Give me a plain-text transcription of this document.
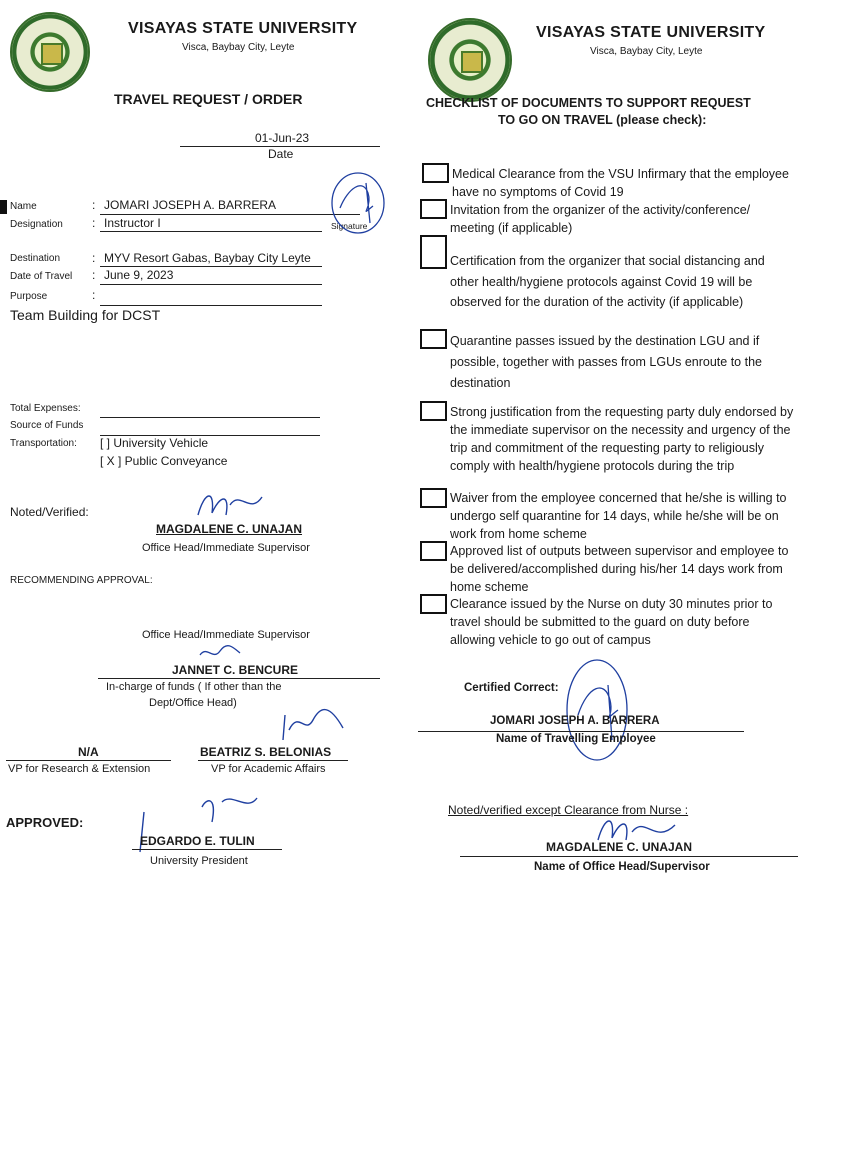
VISAYAS STATE UNIVERSITY
Visca, Baybay City, Leyte
TRAVEL REQUEST / ORDER
01-Jun-23
Date
Name	: JOMARI JOSEPH A. BARRERA
Designation : Instructor I	Signature
Destination	: MYV Resort Gabas, Baybay City Leyte
Date of Travel : June 9, 2023
Purpose	:
Team Building for DCST
Total Expenses:
Source of Funds
Transportation: [ ] University Vehicle
[ X ] Public Conveyance
Noted/Verified:
MAGDALENE C. UNAJAN
Office Head/Immediate Supervisor
RECOMMENDING APPROVAL:
Office Head/Immediate Supervisor
JANNET C. BENCURE
In-charge of funds ( If other than the
Dept/Office Head)
N/A
VP for Research & Extension
BEATRIZ S. BELONIAS
VP for Academic Affairs
APPROVED:
EDGARDO E. TULIN
University President
VISAYAS STATE UNIVERSITY
Visca, Baybay City, Leyte
CHECKLIST OF DOCUMENTS TO SUPPORT REQUEST
TO GO ON TRAVEL (please check):
Medical Clearance from the VSU Infirmary that the employee have no symptoms of Covid 19
Invitation from the organizer of the activity/conference/ meeting (if applicable)
Certification from the organizer that social distancing and other health/hygiene protocols against Covid 19 will be observed for the duration of the activity (if applicable)
Quarantine passes issued by the destination LGU and if possible, together with passes from LGUs enroute to the destination
Strong justification from the requesting party duly endorsed by the immediate supervisor on the necessity and urgency of the trip and commitment of the requesting party to religiously comply with health/hygiene protocols during the trip
Waiver from the employee concerned that he/she is willing to undergo self quarantine for 14 days, while he/she will be on work from home scheme
Approved list of outputs between supervisor and employee to be delivered/accomplished during his/her 14 days work from home scheme
Clearance issued by the Nurse on duty 30 minutes prior to travel should be submitted to the guard on duty before allowing vehicle to go out of campus
Certified Correct:
JOMARI JOSEPH A. BARRERA
Name of Travelling Employee
Noted/verified except Clearance from Nurse :
MAGDALENE C. UNAJAN
Name of Office Head/Supervisor
